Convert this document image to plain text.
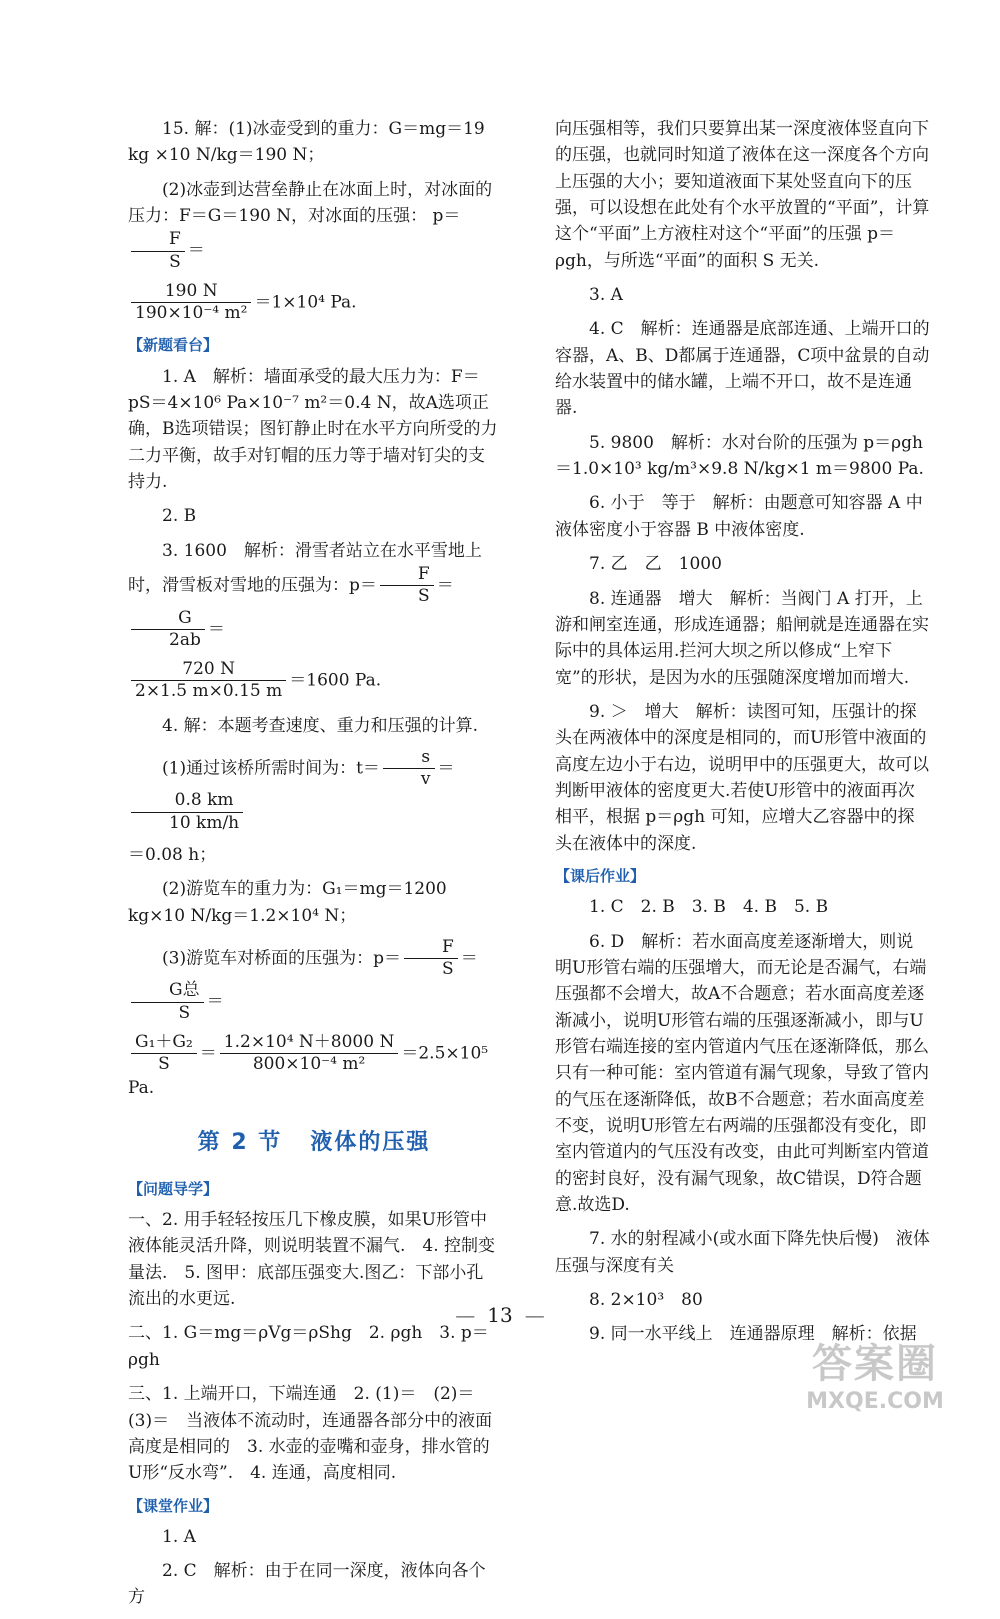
15. 解：(1)冰壶受到的重力：G＝mg＝19 kg ×10 N/kg＝190 N；

(2)冰壶到达营垒静止在冰面上时，对冰面的压力：F＝G＝190 N，对冰面的压强： p＝
$\frac{F}{S}$ ＝

$\frac{190 N}{\text{190×10⁻⁴ m²}} =1\times 10^4$ Pa.

【新题看台】

1. A　解析：墙面承受的最大压力为：F＝pS＝4×10⁶ Pa×10⁻⁷ m²＝0.4 N，故A选项正确，B选项错误；图钉静止时在水平方向所受的力二力平衡，故手对钉帽的压力等于墙对钉尖的支持力.

2. B

3. 1600　解析：滑雪者站立在水平雪地上时，滑雪板对雪地的压强为：$p= \frac{F}{S}$ ＝
$\frac{G}{2ab}$ ＝

$\frac{720 N}{2\times 1.5 m\times 0.15 m} =1600$ Pa.

4. 解：本题考查速度、重力和压强的计算.

(1)通过该桥所需时间为：$t= \frac{s}{v}$ ＝
$\frac{0.8 km}{10 km/h}$

＝0.08 h；

(2)游览车的重力为：G₁＝mg＝1200 kg×10 N/kg＝1.2×10⁴ N；

(3)游览车对桥面的压强为：$p= \frac{F}{S}$ ＝
$\frac{\text{G总}}{S}$ ＝

$\frac{\text{G₁＋G₂}}{S} = \frac{\text{1.2×10⁴ N＋8000 N}}{\text{800×10⁻⁴ m²}} =2.5\times 10^5$ Pa.

第 2 节 液体的压强
【问题导学】

一、2. 用手轻轻按压几下橡皮膜，如果U形管中液体能灵活升降，则说明装置不漏气.　4. 控制变量法.　5. 图甲：底部压强变大.图乙：下部小孔流出的水更远.

二、1. G＝mg＝ρVg＝ρShg　2. ρgh　3. p＝ρgh

三、1. 上端开口，下端连通　2. (1)＝　(2)＝　(3)＝　当液体不流动时，连通器各部分中的液面高度是相同的　3. 水壶的壶嘴和壶身，排水管的U形“反水弯”.　4. 连通，高度相同.

【课堂作业】

1. A

2. C　解析：由于在同一深度，液体向各个方

向压强相等，我们只要算出某一深度液体竖直向下的压强，也就同时知道了液体在这一深度各个方向上压强的大小；要知道液面下某处竖直向下的压强，可以设想在此处有个水平放置的“平面”，计算这个“平面”上方液柱对这个“平面”的压强 p＝ρgh，与所选“平面”的面积 S 无关.

3. A

4. C　解析：连通器是底部连通、上端开口的容器，A、B、D都属于连通器，C项中盆景的自动给水装置中的储水罐，上端不开口，故不是连通器.

5. 9800　解析：水对台阶的压强为 p＝ρgh＝1.0×10³ kg/m³×9.8 N/kg×1 m＝9800 Pa.

6. 小于　等于　解析：由题意可知容器 A 中液体密度小于容器 B 中液体密度.

7. 乙　乙　1000

8. 连通器　增大　解析：当阀门 A 打开，上游和闸室连通，形成连通器；船闸就是连通器在实际中的具体运用.拦河大坝之所以修成“上窄下宽”的形状，是因为水的压强随深度增加而增大.

9. ＞　增大　解析：读图可知，压强计的探头在两液体中的深度是相同的，而U形管中液面的高度左边小于右边，说明甲中的压强更大，故可以判断甲液体的密度更大.若使U形管中的液面再次相平，根据 p＝ρgh 可知，应增大乙容器中的探头在液体中的深度.

【课后作业】

1. C　2. B　3. B　4. B　5. B

6. D　解析：若水面高度差逐渐增大，则说明U形管右端的压强增大，而无论是否漏气，右端压强都不会增大，故A不合题意；若水面高度差逐渐减小，说明U形管右端的压强逐渐减小，即与U形管右端连接的室内管道内气压在逐渐降低，那么只有一种可能：室内管道有漏气现象，导致了管内的气压在逐渐降低，故B不合题意；若水面高度差不变，说明U形管左右两端的压强都没有变化，即室内管道内的气压没有改变，由此可判断室内管道的密封良好，没有漏气现象，故C错误，D符合题意.故选D.

7. 水的射程减小(或水面下降先快后慢)　液体压强与深度有关

8. 2×10³　80

9. 同一水平线上　连通器原理　解析：依据

— 13 —
答案圈
MXQE.COM
